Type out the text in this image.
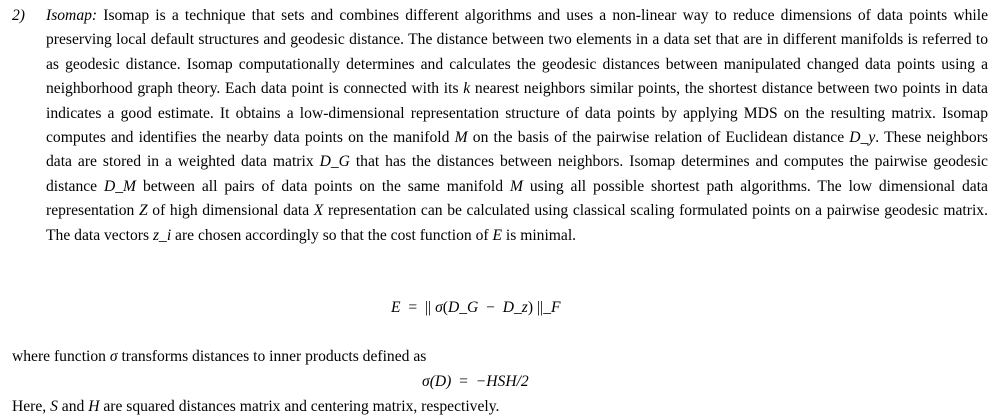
2) Isomap: Isomap is a technique that sets and combines different algorithms and uses a non-linear way to reduce dimensions of data points while preserving local default structures and geodesic distance. The distance between two elements in a data set that are in different manifolds is referred to as geodesic distance. Isomap computationally determines and calculates the geodesic distances between manipulated changed data points using a neighborhood graph theory. Each data point is connected with its k nearest neighbors similar points, the shortest distance between two points in data indicates a good estimate. It obtains a low-dimensional representation structure of data points by applying MDS on the resulting matrix. Isomap computes and identifies the nearby data points on the manifold M on the basis of the pairwise relation of Euclidean distance D_y. These neighbors data are stored in a weighted data matrix D_G that has the distances between neighbors. Isomap determines and computes the pairwise geodesic distance D_M between all pairs of data points on the same manifold M using all possible shortest path algorithms. The low dimensional data representation Z of high dimensional data X representation can be calculated using classical scaling formulated points on a pairwise geodesic matrix. The data vectors z_i are chosen accordingly so that the cost function of E is minimal.
E  =  || σ(D_G  −  D_z) ||_F
where function σ transforms distances to inner products defined as
σ(D)  =  −HSH/2
Here, S and H are squared distances matrix and centering matrix, respectively.
